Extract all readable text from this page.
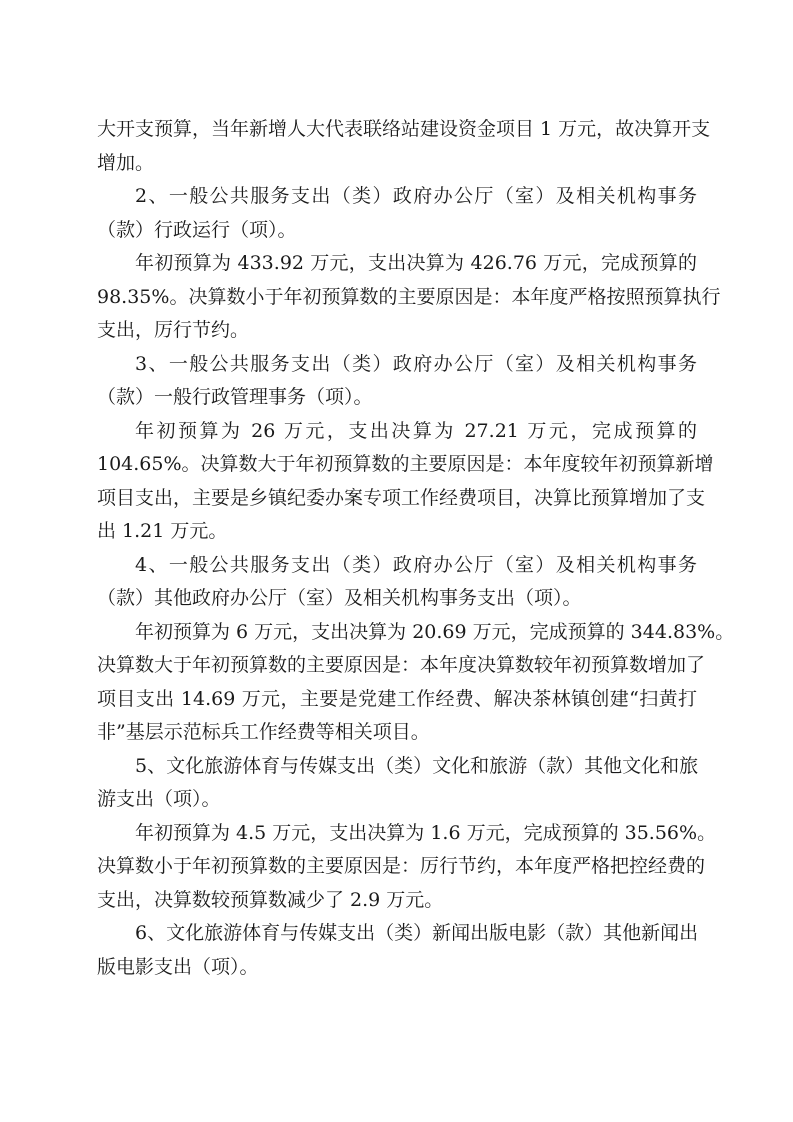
大开支预算，当年新增人大代表联络站建设资金项目 1 万元，故决算开支
增加。
2、一般公共服务支出（类）政府办公厅（室）及相关机构事务
（款）行政运行（项）。
年初预算为 433.92 万元，支出决算为 426.76 万元，完成预算的
98.35%。决算数小于年初预算数的主要原因是：本年度严格按照预算执行
支出，厉行节约。
3、一般公共服务支出（类）政府办公厅（室）及相关机构事务
（款）一般行政管理事务（项）。
年初预算为 26 万元，支出决算为 27.21 万元，完成预算的
104.65%。决算数大于年初预算数的主要原因是：本年度较年初预算新增
项目支出，主要是乡镇纪委办案专项工作经费项目，决算比预算增加了支
出 1.21 万元。
4、一般公共服务支出（类）政府办公厅（室）及相关机构事务
（款）其他政府办公厅（室）及相关机构事务支出（项）。
年初预算为 6 万元，支出决算为 20.69 万元，完成预算的 344.83%。
决算数大于年初预算数的主要原因是：本年度决算数较年初预算数增加了
项目支出 14.69 万元，主要是党建工作经费、解决茶林镇创建“扫黄打
非”基层示范标兵工作经费等相关项目。
5、文化旅游体育与传媒支出（类）文化和旅游（款）其他文化和旅
游支出（项）。
年初预算为 4.5 万元，支出决算为 1.6 万元，完成预算的 35.56%。
决算数小于年初预算数的主要原因是：厉行节约，本年度严格把控经费的
支出，决算数较预算数减少了 2.9 万元。
6、文化旅游体育与传媒支出（类）新闻出版电影（款）其他新闻出
版电影支出（项）。
